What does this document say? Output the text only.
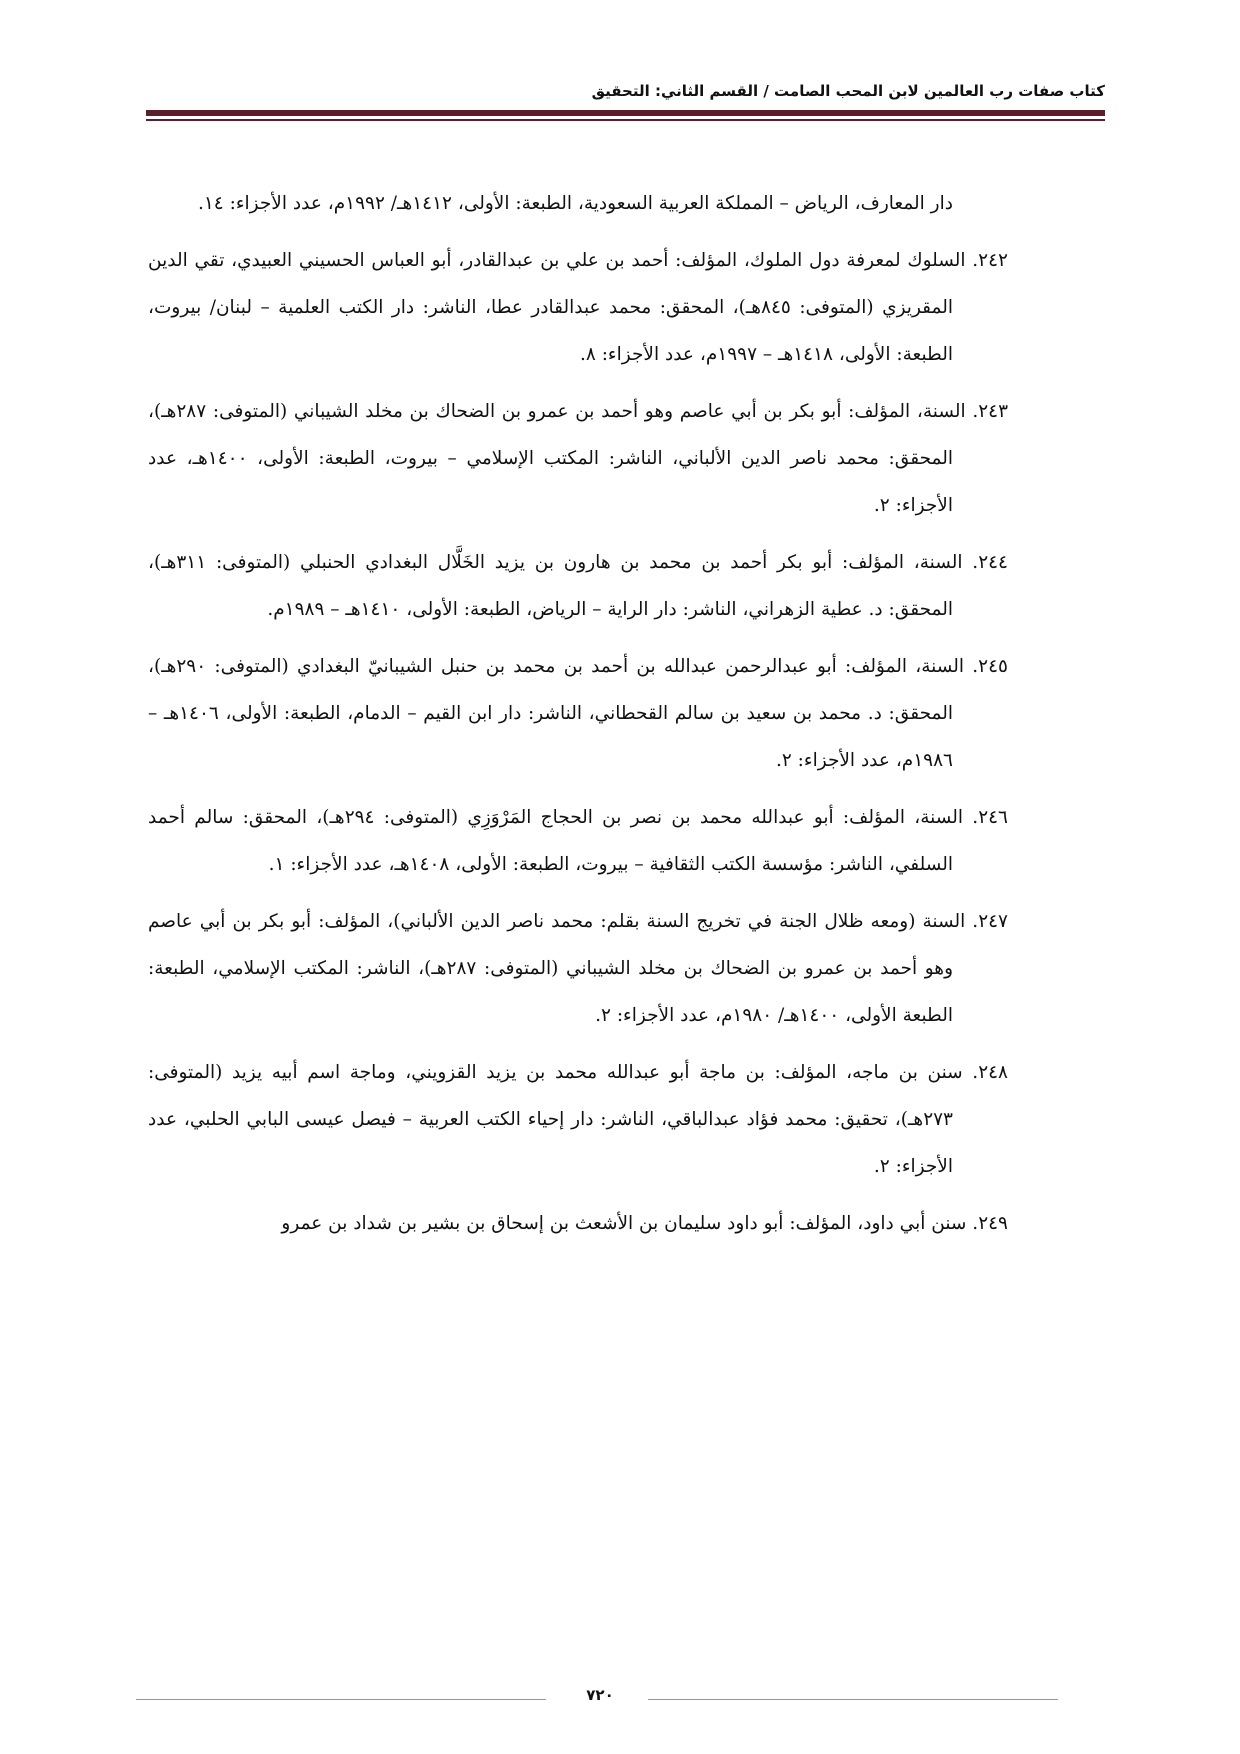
كتاب صفات رب العالمين لابن المحب الصامت / القسم الثاني: التحقيق

دار المعارف، الرياض – المملكة العربية السعودية، الطبعة: الأولى، ١٤١٢هـ/ ١٩٩٢م، عدد الأجزاء: ١٤.

٢٤٢. السلوك لمعرفة دول الملوك، المؤلف: أحمد بن علي بن عبدالقادر، أبو العباس الحسيني العبيدي، تقي الدين المقريزي (المتوفى: ٨٤٥هـ)، المحقق: محمد عبدالقادر عطا، الناشر: دار الكتب العلمية – لبنان/ بيروت، الطبعة: الأولى، ١٤١٨هـ – ١٩٩٧م، عدد الأجزاء: ٨.

٢٤٣. السنة، المؤلف: أبو بكر بن أبي عاصم وهو أحمد بن عمرو بن الضحاك بن مخلد الشيباني (المتوفى: ٢٨٧هـ)، المحقق: محمد ناصر الدين الألباني، الناشر: المكتب الإسلامي – بيروت، الطبعة: الأولى، ١٤٠٠هـ، عدد الأجزاء: ٢.

٢٤٤. السنة، المؤلف: أبو بكر أحمد بن محمد بن هارون بن يزيد الخَلَّال البغدادي الحنبلي (المتوفى: ٣١١هـ)، المحقق: د. عطية الزهراني، الناشر: دار الراية – الرياض، الطبعة: الأولى، ١٤١٠هـ – ١٩٨٩م.

٢٤٥. السنة، المؤلف: أبو عبدالرحمن عبدالله بن أحمد بن محمد بن حنبل الشيبانيّ البغدادي (المتوفى: ٢٩٠هـ)، المحقق: د. محمد بن سعيد بن سالم القحطاني، الناشر: دار ابن القيم – الدمام، الطبعة: الأولى، ١٤٠٦هـ – ١٩٨٦م، عدد الأجزاء: ٢.

٢٤٦. السنة، المؤلف: أبو عبدالله محمد بن نصر بن الحجاج المَرْوَزِي (المتوفى: ٢٩٤هـ)، المحقق: سالم أحمد السلفي، الناشر: مؤسسة الكتب الثقافية – بيروت، الطبعة: الأولى، ١٤٠٨هـ، عدد الأجزاء: ١.

٢٤٧. السنة (ومعه ظلال الجنة في تخريج السنة بقلم: محمد ناصر الدين الألباني)، المؤلف: أبو بكر بن أبي عاصم وهو أحمد بن عمرو بن الضحاك بن مخلد الشيباني (المتوفى: ٢٨٧هـ)، الناشر: المكتب الإسلامي، الطبعة: الطبعة الأولى، ١٤٠٠هـ/ ١٩٨٠م، عدد الأجزاء: ٢.

٢٤٨. سنن بن ماجه، المؤلف: بن ماجة أبو عبدالله محمد بن يزيد القزويني، وماجة اسم أبيه يزيد (المتوفى: ٢٧٣هـ)، تحقيق: محمد فؤاد عبدالباقي، الناشر: دار إحياء الكتب العربية – فيصل عيسى البابي الحلبي، عدد الأجزاء: ٢.

٢٤٩. سنن أبي داود، المؤلف: أبو داود سليمان بن الأشعث بن إسحاق بن بشير بن شداد بن عمرو

٧٢٠
